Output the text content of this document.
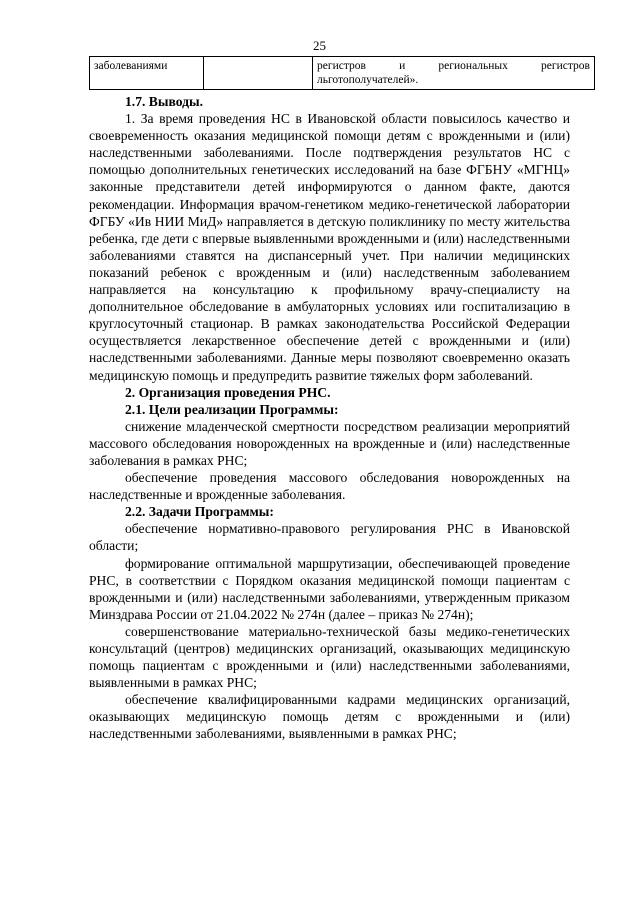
25
заболеваниями		регистров и региональных регистров льготополучателей».

1.7. Выводы.

1. За время проведения НС в Ивановской области повысилось качество и своевременность оказания медицинской помощи детям с врожденными и (или) наследственными заболеваниями. После подтверждения результатов НС с помощью дополнительных генетических исследований на базе ФГБНУ «МГНЦ» законные представители детей информируются о данном факте, даются рекомендации. Информация врачом-генетиком медико-генетической лаборатории ФГБУ «Ив НИИ МиД» направляется в детскую поликлинику по месту жительства ребенка, где дети с впервые выявленными врожденными и (или) наследственными заболеваниями ставятся на диспансерный учет. При наличии медицинских показаний ребенок с врожденным и (или) наследственным заболеванием направляется на консультацию к профильному врачу-специалисту на дополнительное обследование в амбулаторных условиях или госпитализацию в круглосуточный стационар. В рамках законодательства Российской Федерации осуществляется лекарственное обеспечение детей с врожденными и (или) наследственными заболеваниями. Данные меры позволяют своевременно оказать медицинскую помощь и предупредить развитие тяжелых форм заболеваний.

2. Организация проведения РНС.

2.1. Цели реализации Программы:

снижение младенческой смертности посредством реализации мероприятий массового обследования новорожденных на врожденные и (или) наследственные заболевания в рамках РНС;

обеспечение проведения массового обследования новорожденных на наследственные и врожденные заболевания.

2.2. Задачи Программы:

обеспечение нормативно-правового регулирования РНС в Ивановской области;

формирование оптимальной маршрутизации, обеспечивающей проведение РНС, в соответствии с Порядком оказания медицинской помощи пациентам с врожденными и (или) наследственными заболеваниями, утвержденным приказом Минздрава России от 21.04.2022 № 274н (далее – приказ № 274н);

совершенствование материально-технической базы медико-генетических консультаций (центров) медицинских организаций, оказывающих медицинскую помощь пациентам с врожденными и (или) наследственными заболеваниями, выявленными в рамках РНС;

обеспечение квалифицированными кадрами медицинских организаций, оказывающих медицинскую помощь детям с врожденными и (или) наследственными заболеваниями, выявленными в рамках РНС;
